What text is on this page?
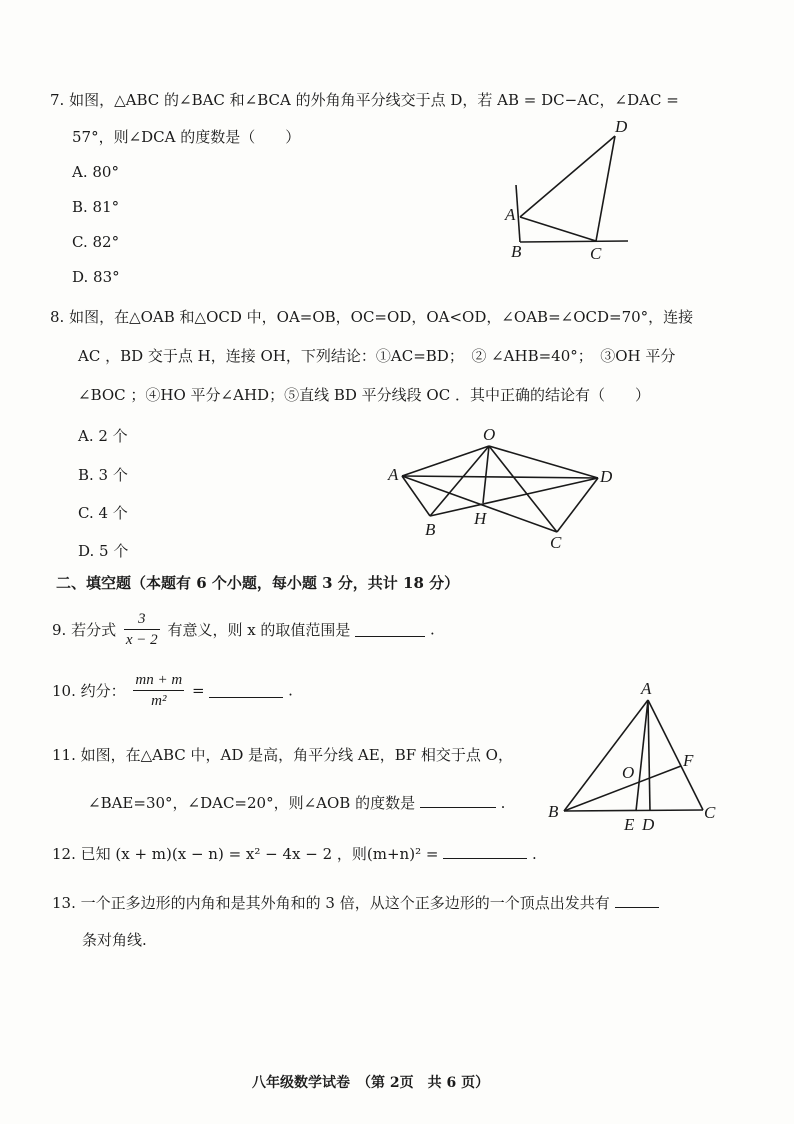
7. 如图，△ABC 的∠BAC 和∠BCA 的外角角平分线交于点 D，若 AB = DC−AC，∠DAC =
57°，则∠DCA 的度数是（　　）
A. 80°
B. 81°
C. 82°
D. 83°
D
A
B	C
8. 如图，在△OAB 和△OCD 中，OA=OB，OC=OD，OA<OD，∠OAB=∠OCD=70°，连接
AC ，BD 交于点 H，连接 OH，下列结论：①AC=BD；　② ∠AHB=40°；　③OH 平分
∠BOC ；④HO 平分∠AHD；⑤直线 BD 平分线段 OC ．其中正确的结论有（　　）
A. 2 个
B. 3 个
C. 4 个
D. 5 个
O
A	D
B
H
C
二、填空题（本题有 6 个小题，每小题 3 分，共计 18 分）
9. 若分式 $\frac{3}{x - 2}$ 有意义，则 x 的取值范围是	.
10. 约分： $\frac{mn + m}{\text{m²}}$ =	.
11. 如图，在△ABC 中，AD 是高，角平分线 AE，BF 相交于点 O，
∠BAE=30°，∠DAC=20°，则∠AOB 的度数是	.
A
F
O
B
E D
C
12. 已知 (x + m)(x − n) = x² − 4x − 2 ，则(m+n)² =	.
13. 一个正多边形的内角和是其外角和的 3 倍，从这个正多边形的一个顶点出发共有
条对角线.
八年级数学试卷　（第 2页　共 6 页）
